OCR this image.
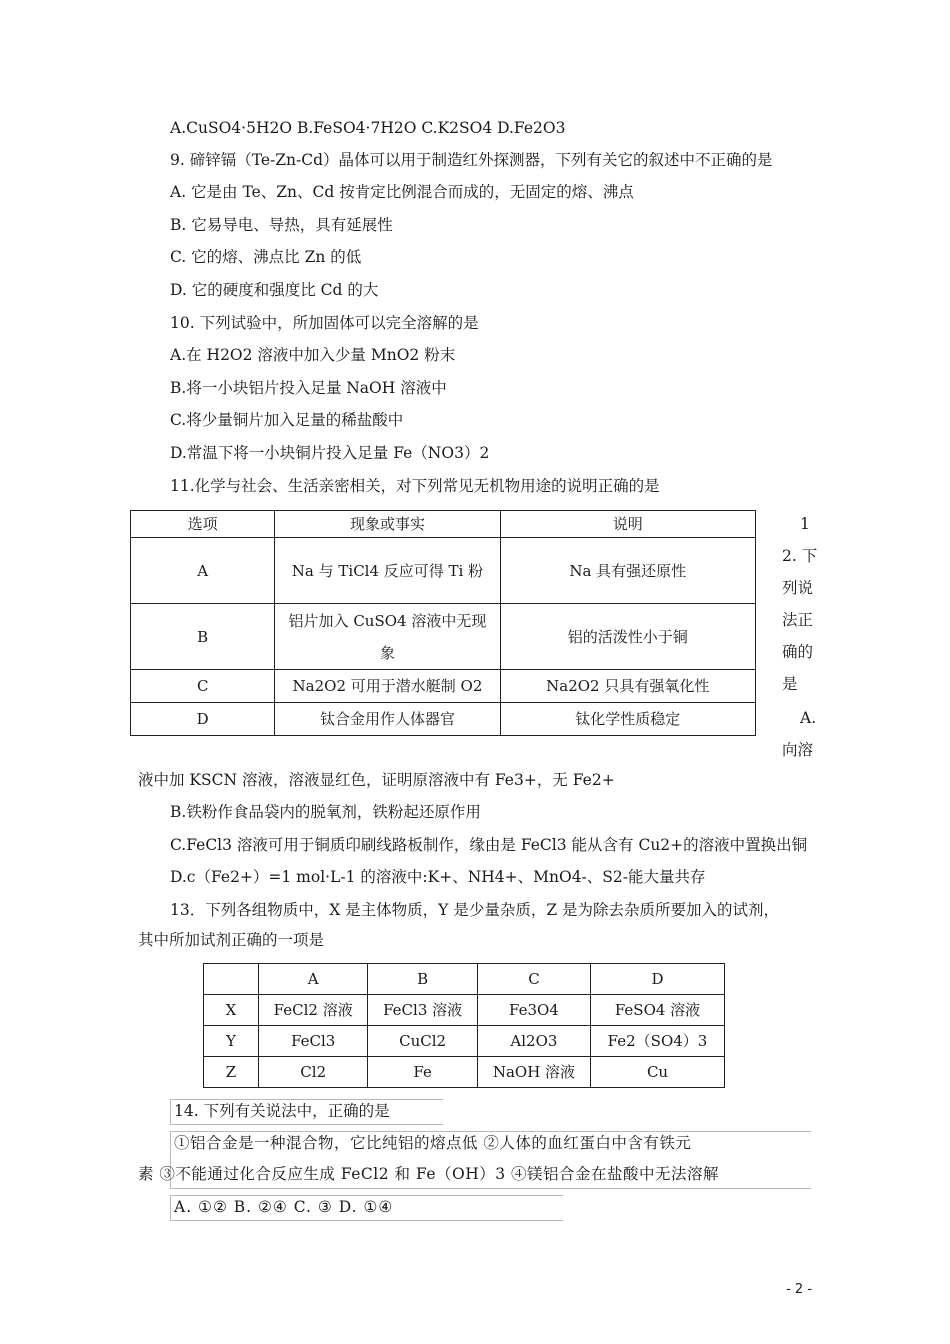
A.CuSO4·5H2O B.FeSO4·7H2O C.K2SO4 D.Fe2O3
9. 碲锌镉（Te-Zn-Cd）晶体可以用于制造红外探测器，下列有关它的叙述中不正确的是
A. 它是由 Te、Zn、Cd 按肯定比例混合而成的，无固定的熔、沸点
B. 它易导电、导热，具有延展性
C. 它的熔、沸点比 Zn 的低
D. 它的硬度和强度比 Cd 的大
10. 下列试验中，所加固体可以完全溶解的是
A.在 H2O2 溶液中加入少量 MnO2 粉末
B.将一小块铝片投入足量 NaOH 溶液中
C.将少量铜片加入足量的稀盐酸中
D.常温下将一小块铜片投入足量 Fe（NO3）2
11.化学与社会、生活亲密相关，对下列常见无机物用途的说明正确的是
选项	现象或事实	说明
A	Na 与 TiCl4 反应可得 Ti 粉	Na 具有强还原性
B	铝片加入 CuSO4 溶液中无现象	铝的活泼性小于铜
C	Na2O2 可用于潜水艇制 O2	Na2O2 只具有强氧化性
D	钛合金用作人体器官	钛化学性质稳定
1
2. 下
列说
法正
确的
是
A.
向溶
液中加 KSCN 溶液，溶液显红色，证明原溶液中有 Fe3+，无 Fe2+
B.铁粉作食品袋内的脱氧剂，铁粉起还原作用
C.FeCl3 溶液可用于铜质印刷线路板制作，缘由是 FeCl3 能从含有 Cu2+的溶液中置换出铜
D.c（Fe2+）=1 mol·L-1 的溶液中:K+、NH4+、MnO4-、S2-能大量共存
13．下列各组物质中，X 是主体物质，Y 是少量杂质，Z 是为除去杂质所要加入的试剂，
其中所加试剂正确的一项是
	A	B	C	D
X	FeCl2 溶液	FeCl3 溶液	Fe3O4	FeSO4 溶液
Y	FeCl3	CuCl2	Al2O3	Fe2（SO4）3
Z	Cl2	Fe	NaOH 溶液	Cu
14. 下列有关说法中，正确的是
①铝合金是一种混合物，它比纯铝的熔点低 ②人体的血红蛋白中含有铁元
素 ③不能通过化合反应生成 FeCl2 和 Fe（OH）3 ④镁铝合金在盐酸中无法溶解
A. ①② B. ②④ C. ③ D. ①④
- 2 -
